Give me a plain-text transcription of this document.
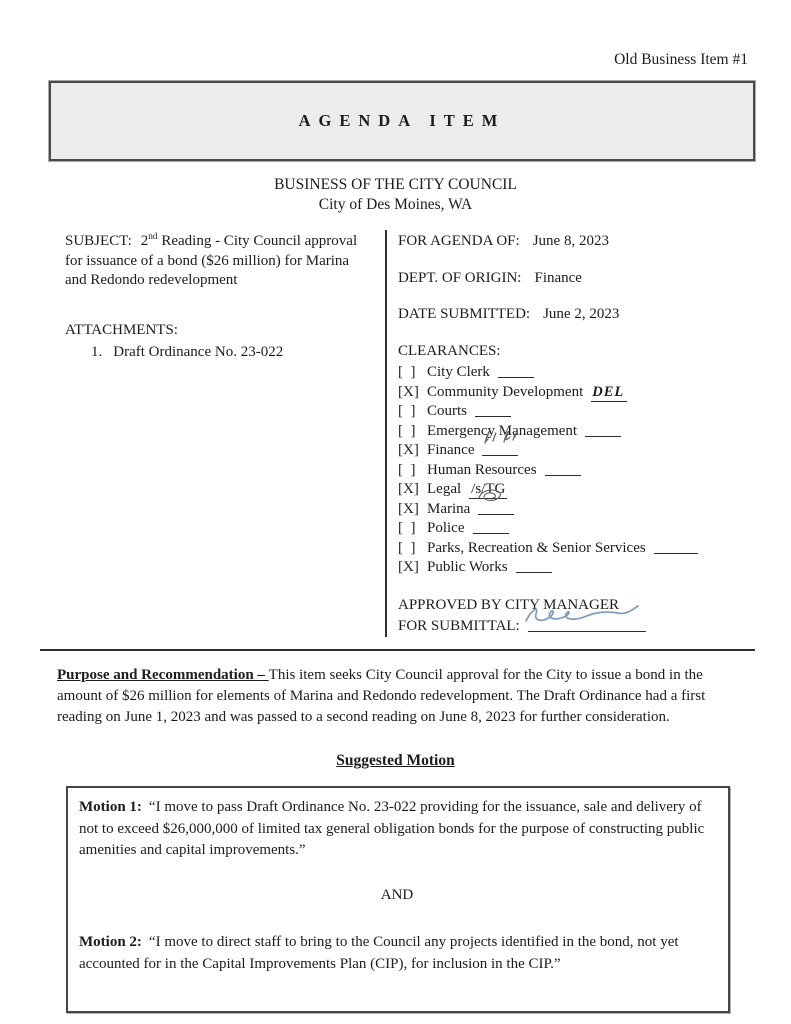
Old Business Item #1
AGENDA ITEM
BUSINESS OF THE CITY COUNCIL
City of Des Moines, WA

SUBJECT: 2nd Reading - City Council approval for issuance of a bond ($26 million) for Marina and Redondo redevelopment

ATTACHMENTS:

1. Draft Ordinance No. 23-022

FOR AGENDA OF: June 8, 2023
DEPT. OF ORIGIN: Finance
DATE SUBMITTED: June 2, 2023
CLEARANCES:
[  ] City Clerk
[X] Community Development DEL
[  ] Courts
[  ] Emergency Management
[X] Finance
[  ] Human Resources
[X] Legal /s/TG
[X] Marina
[  ] Police
[  ] Parks, Recreation & Senior Services
[X] Public Works
APPROVED BY CITY MANAGER
FOR SUBMITTAL:

Purpose and Recommendation – This item seeks City Council approval for the City to issue a bond in the amount of $26 million for elements of Marina and Redondo redevelopment. The Draft Ordinance had a first reading on June 1, 2023 and was passed to a second reading on June 8, 2023 for further consideration.

Suggested Motion

Motion 1: “I move to pass Draft Ordinance No. 23-022 providing for the issuance, sale and delivery of not to exceed $26,000,000 of limited tax general obligation bonds for the purpose of constructing public amenities and capital improvements.”

AND

Motion 2: “I move to direct staff to bring to the Council any projects identified in the bond, not yet accounted for in the Capital Improvements Plan (CIP), for inclusion in the CIP.”
